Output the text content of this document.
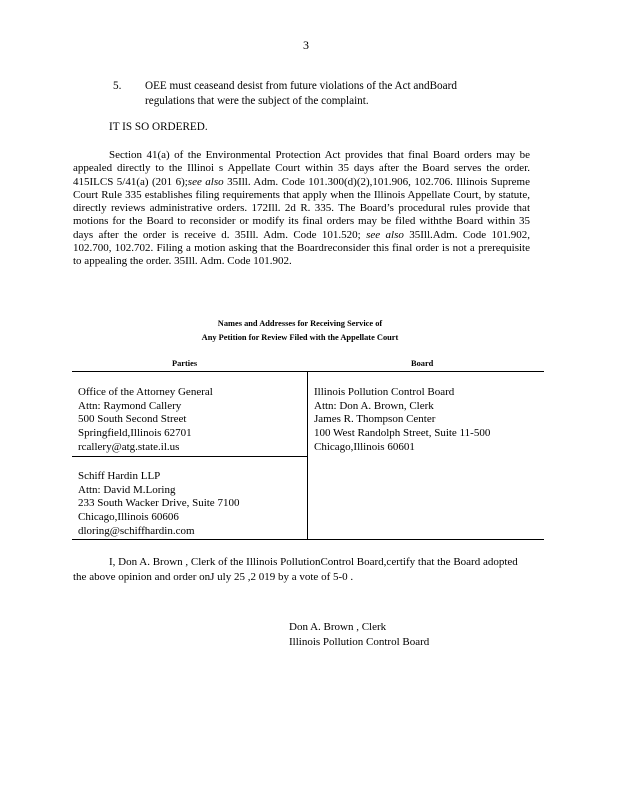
3
5. OEE must ceaseand desist from future violations of the Act andBoard regulations that were the subject of the complaint.
IT IS SO ORDERED.
Section 41(a) of the Environmental Protection Act provides that final Board orders may be appealed directly to the Illinoi s Appellate Court within 35 days after the Board serves the order. 415ILCS 5/41(a) (201 6);see also 35Ill. Adm. Code 101.300(d)(2),101.906, 102.706. Illinois Supreme Court Rule 335 establishes filing requirements that apply when the Illinois Appellate Court, by statute, directly reviews administrative orders. 172Ill. 2d R. 335. The Board’s procedural rules provide that motions for the Board to reconsider or modify its final orders may be filed withthe Board within 35 days after the order is receive d. 35Ill. Adm. Code 101.520; see also 35Ill.Adm. Code 101.902, 102.700, 102.702. Filing a motion asking that the Boardreconsider this final order is not a prerequisite to appealing the order. 35Ill. Adm. Code 101.902.
Names and Addresses for Receiving Service of
Any Petition for Review Filed with the Appellate Court
Parties	Board
Office of the Attorney General
Attn: Raymond Callery
500 South Second Street
Springfield,Illinois 62701
rcallery@atg.state.il.us
Schiff Hardin LLP
Attn: David M.Loring
233 South Wacker Drive, Suite 7100
Chicago,Illinois 60606
dloring@schiffhardin.com
Illinois Pollution Control Board
Attn: Don A. Brown, Clerk
James R. Thompson Center
100 West Randolph Street, Suite 11-500
Chicago,Illinois 60601
I, Don A. Brown , Clerk of the Illinois PollutionControl Board,certify that the Board adopted the above opinion and order onJ uly 25 ,2 019 by a vote of 5-0 .
Don A. Brown , Clerk
Illinois Pollution Control Board
